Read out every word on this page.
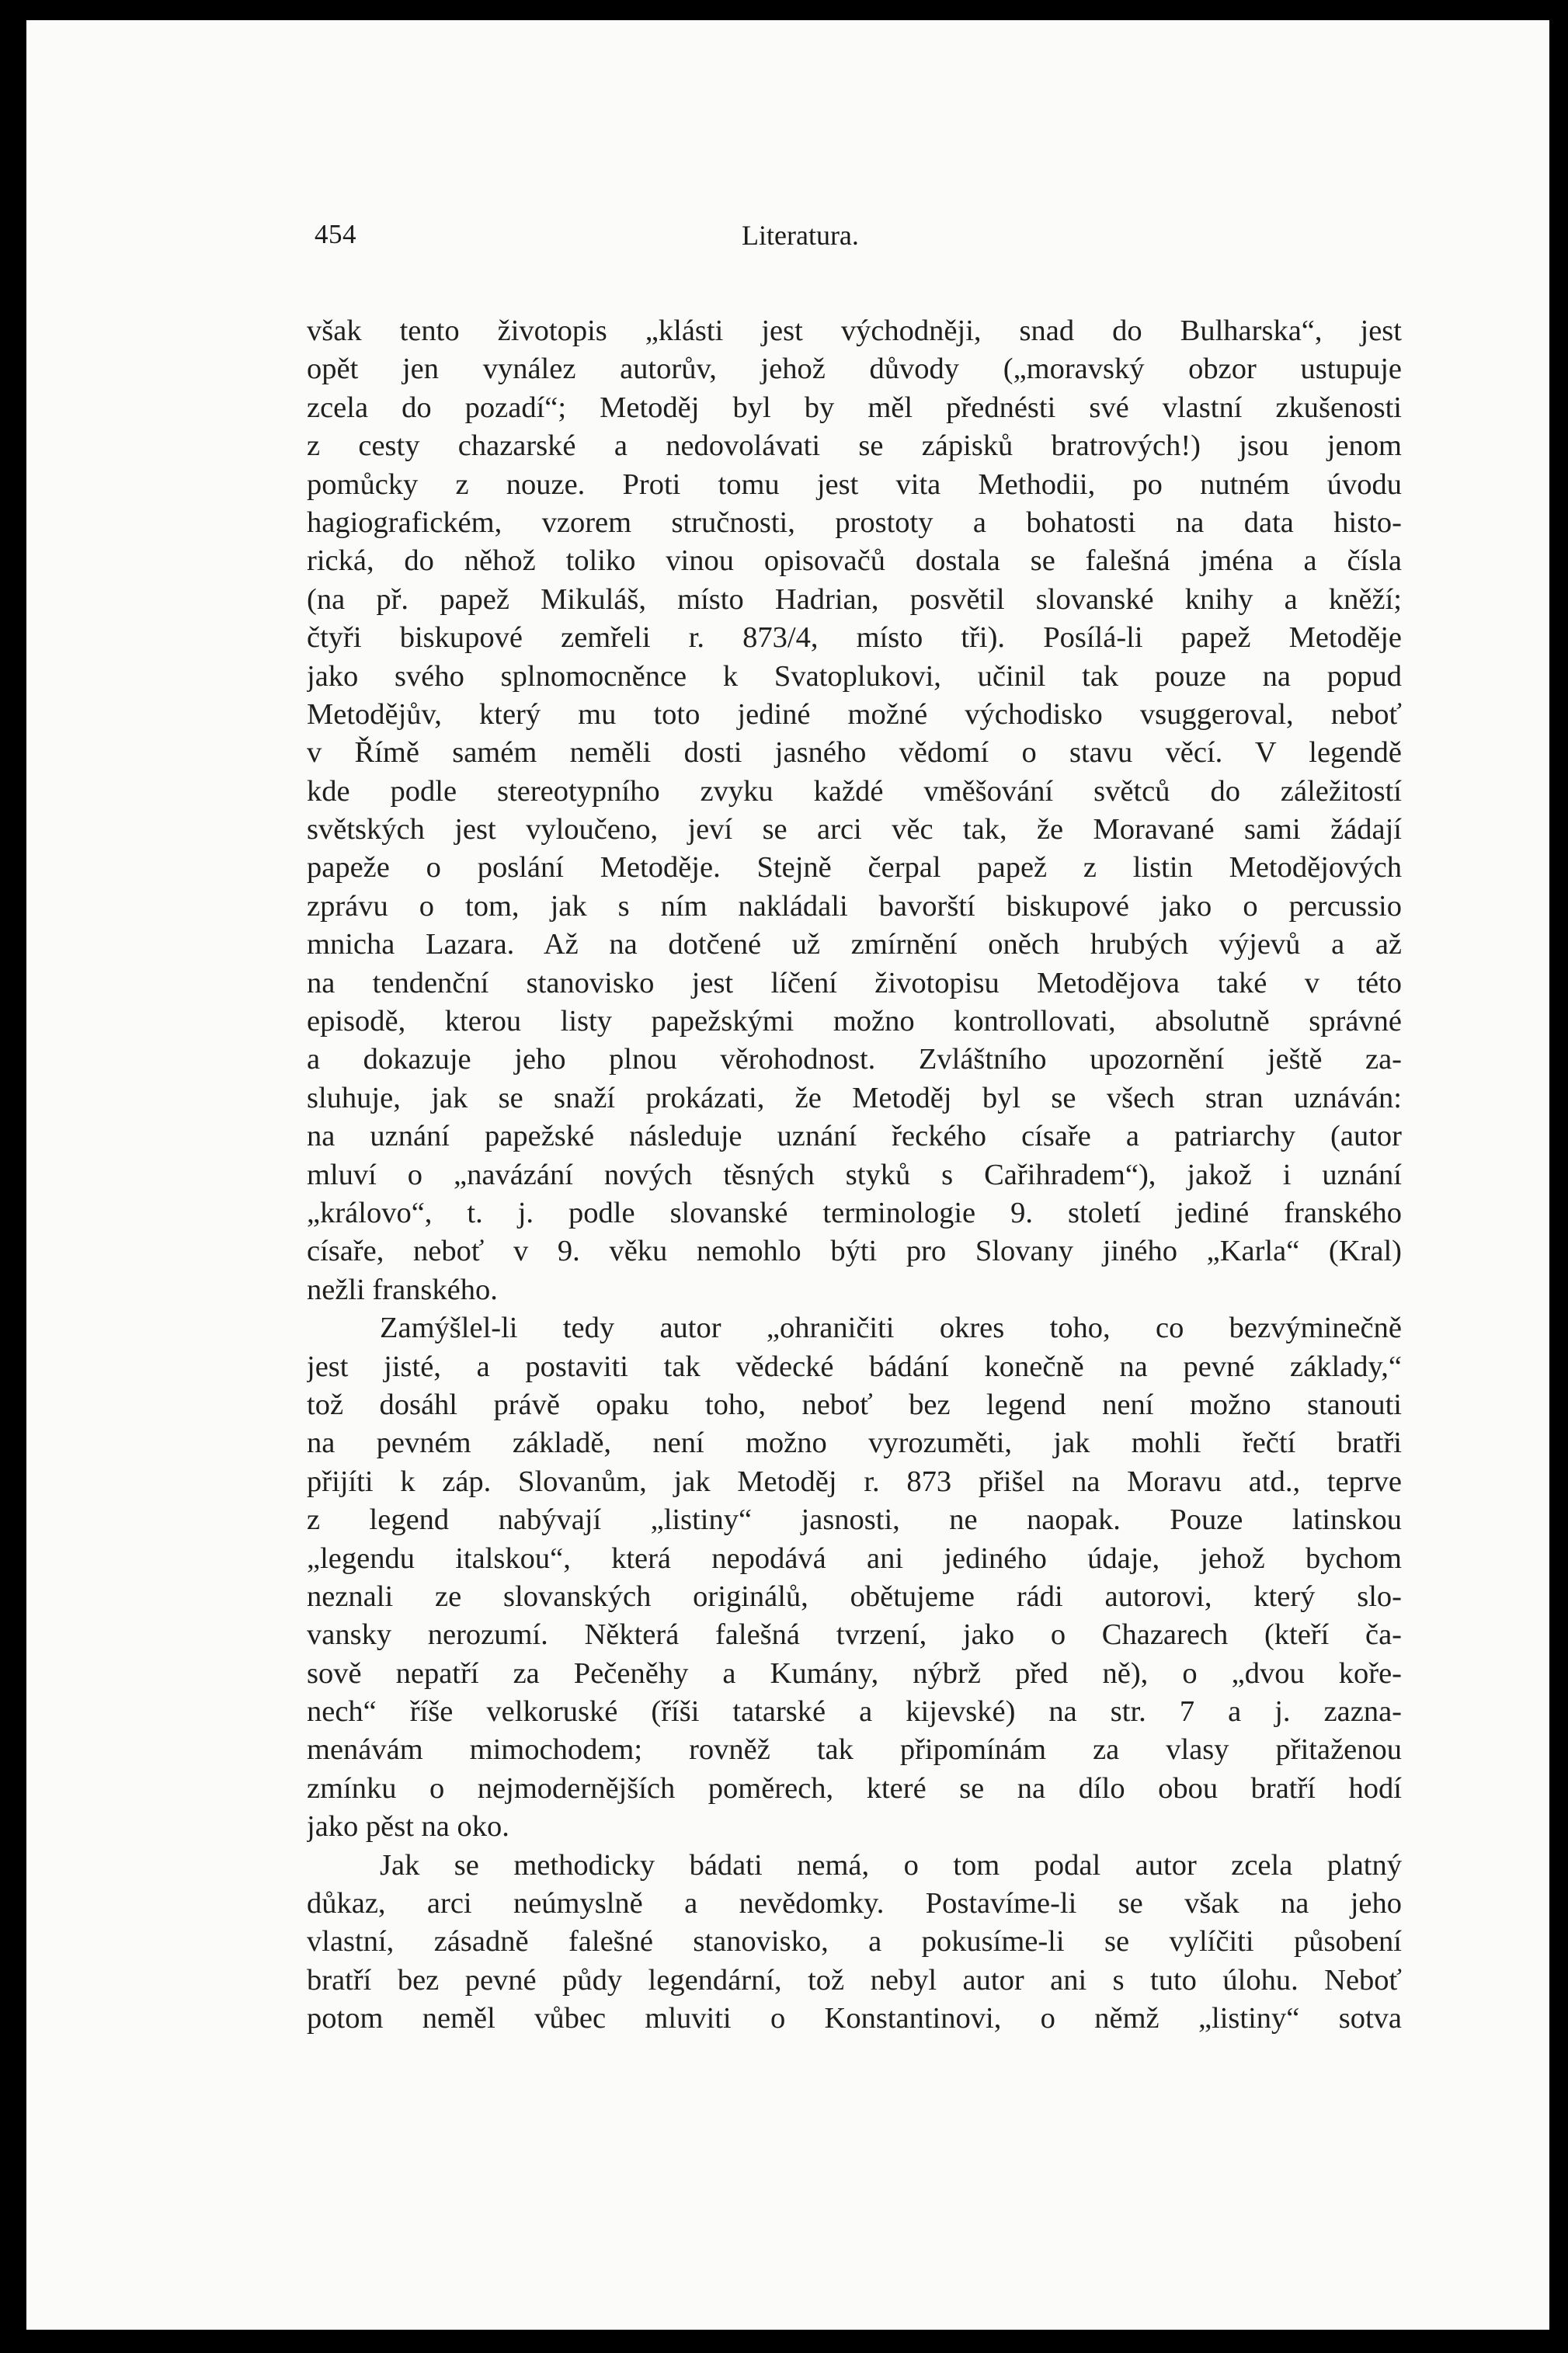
454	Literatura.
však tento životopis „klásti jest východněji, snad do Bulharska“, jest
opět jen vynález autorův, jehož důvody („moravský obzor ustupuje
zcela do pozadí“; Metoděj byl by měl přednésti své vlastní zkušenosti
z cesty chazarské a nedovolávati se zápisků bratrových!) jsou jenom
pomůcky z nouze. Proti tomu jest vita Methodii, po nutném úvodu
hagiografickém, vzorem stručnosti, prostoty a bohatosti na data histo-
rická, do něhož toliko vinou opisovačů dostala se falešná jména a čísla
(na př. papež Mikuláš, místo Hadrian, posvětil slovanské knihy a kněží;
čtyři biskupové zemřeli r. 873/4, místo tři). Posílá-li papež Metoděje
jako svého splnomocněnce k Svatoplukovi, učinil tak pouze na popud
Metodějův, který mu toto jediné možné východisko vsuggeroval, neboť
v Římě samém neměli dosti jasného vědomí o stavu věcí. V legendě
kde podle stereotypního zvyku každé vměšování světců do záležitostí
světských jest vyloučeno, jeví se arci věc tak, že Moravané sami žádají
papeže o poslání Metoděje. Stejně čerpal papež z listin Metodějových
zprávu o tom, jak s ním nakládali bavorští biskupové jako o percussio
mnicha Lazara. Až na dotčené už zmírnění oněch hrubých výjevů a až
na tendenční stanovisko jest líčení životopisu Metodějova také v této
episodě, kterou listy papežskými možno kontrollovati, absolutně správné
a dokazuje jeho plnou věrohodnost. Zvláštního upozornění ještě za-
sluhuje, jak se snaží prokázati, že Metoděj byl se všech stran uznáván:
na uznání papežské následuje uznání řeckého císaře a patriarchy (autor
mluví o „navázání nových těsných styků s Cařihradem“), jakož i uznání
„královo“, t. j. podle slovanské terminologie 9. století jediné franského
císaře, neboť v 9. věku nemohlo býti pro Slovany jiného „Karla“ (Kral)
nežli franského.
Zamýšlel-li tedy autor „ohraničiti okres toho, co bezvýminečně
jest jisté, a postaviti tak vědecké bádání konečně na pevné základy,“
tož dosáhl právě opaku toho, neboť bez legend není možno stanouti
na pevném základě, není možno vyrozuměti, jak mohli řečtí bratři
přijíti k záp. Slovanům, jak Metoděj r. 873 přišel na Moravu atd., teprve
z legend nabývají „listiny“ jasnosti, ne naopak. Pouze latinskou
„legendu italskou“, která nepodává ani jediného údaje, jehož bychom
neznali ze slovanských originálů, obětujeme rádi autorovi, který slo-
vansky nerozumí. Některá falešná tvrzení, jako o Chazarech (kteří ča-
sově nepatří za Pečeněhy a Kumány, nýbrž před ně), o „dvou kořе-
nech“ říše velkoruské (říši tatarské a kijevské) na str. 7 a j. zazna-
menávám mimochodem; rovněž tak připomínám za vlasy přitaženou
zmínku o nejmodernějších poměrech, které se na dílo obou bratří hodí
jako pěst na oko.
Jak se methodicky bádati nemá, o tom podal autor zcela platný
důkaz, arci neúmyslně a nevědomky. Postavíme-li se však na jeho
vlastní, zásadně falešné stanovisko, a pokusíme-li se vylíčiti působení
bratří bez pevné půdy legendární, tož nebyl autor ani s tuto úlohu. Neboť
potom neměl vůbec mluviti o Konstantinovi, o němž „listiny“ sotva
